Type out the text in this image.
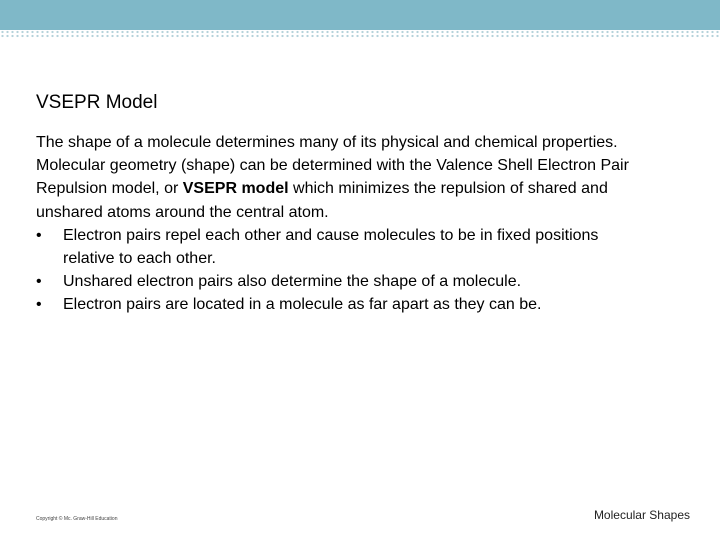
VSEPR Model

The shape of a molecule determines many of its physical and chemical properties. Molecular geometry (shape) can be determined with the Valence Shell Electron Pair Repulsion model, or VSEPR model which minimizes the repulsion of shared and unshared atoms around the central atom.

• Electron pairs repel each other and cause molecules to be in fixed positions relative to each other.
• Unshared electron pairs also determine the shape of a molecule.
• Electron pairs are located in a molecule as far apart as they can be.
Copyright © Mc. Graw-Hill Education	Molecular Shapes
